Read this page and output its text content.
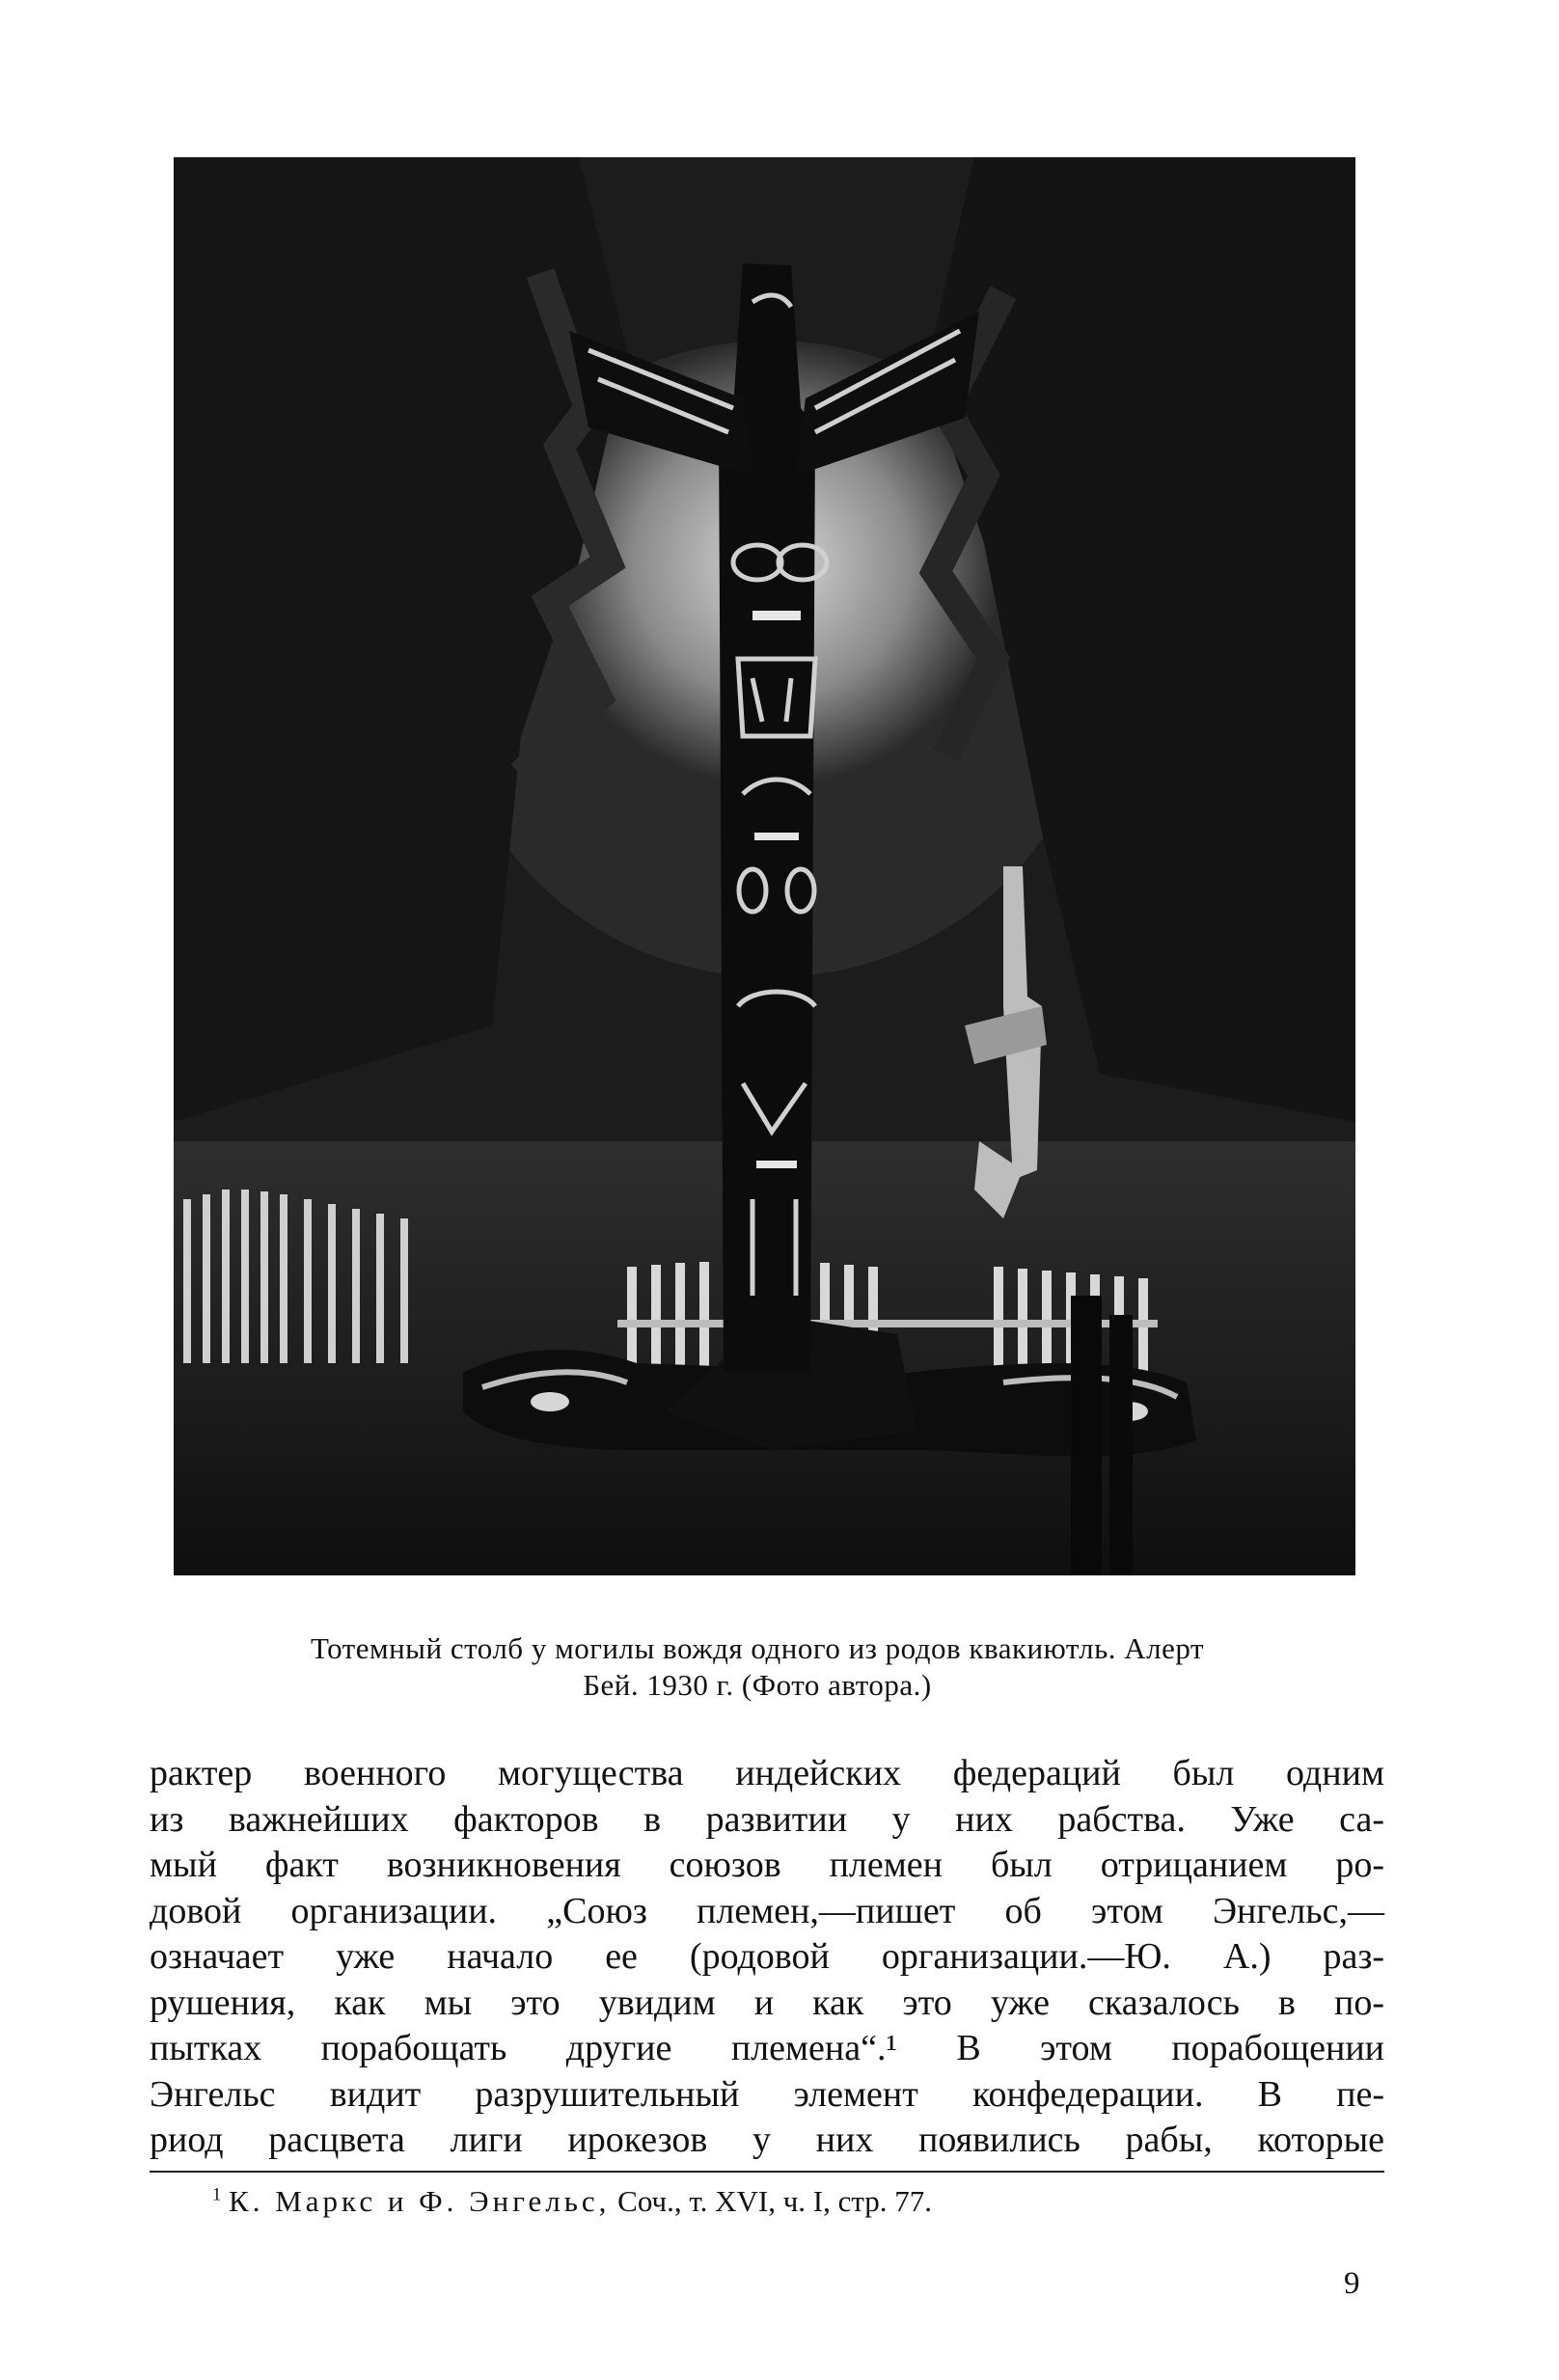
Тотемный столб у могилы вождя одного из родов квакиютль. Алерт
Бей. 1930 г. (Фото автора.)
рактер военного могущества индейских федераций был одним
из важнейших факторов в развитии у них рабства. Уже са-
мый факт возникновения союзов племен был отрицанием ро-
довой организации. „Союз племен,—пишет об этом Энгельс,—
означает уже начало ее (родовой организации.—Ю. А.) раз-
рушения, как мы это увидим и как это уже сказалось в по-
пытках порабощать другие племена“.¹ В этом порабощении
Энгельс видит разрушительный элемент конфедерации. В пе-
риод расцвета лиги ирокезов у них появились рабы, которые
$^1$ К. Маркс и Ф. Энгельс, Соч., т. XVI, ч. I, стр. 77.
9
